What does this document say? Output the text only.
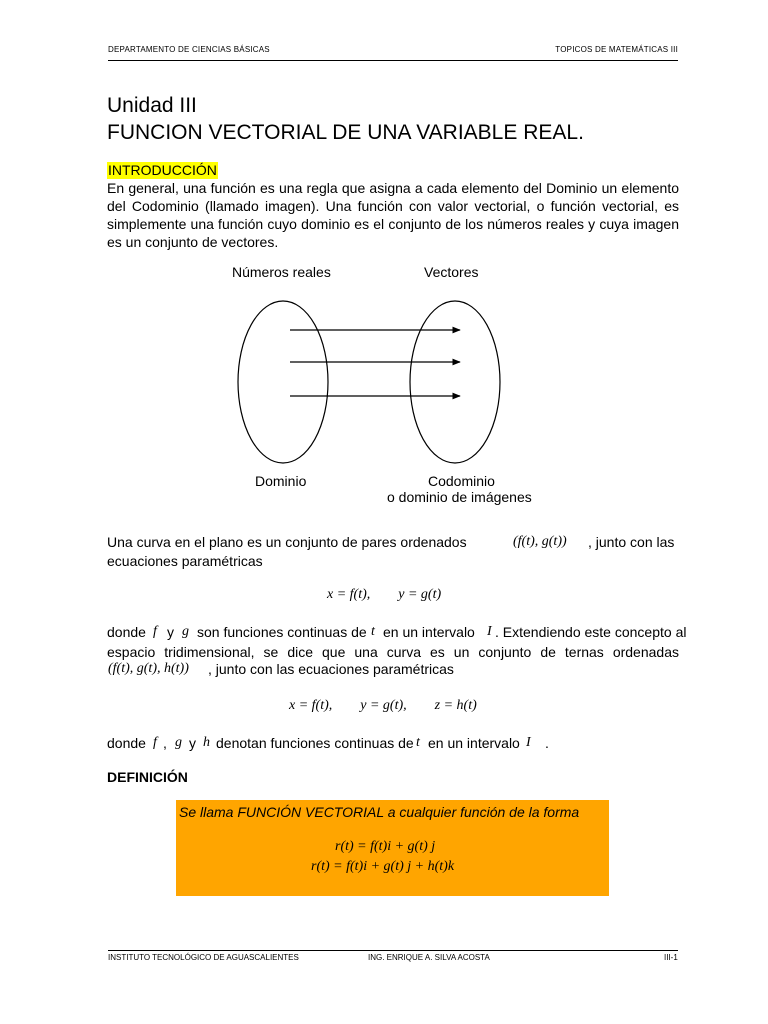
DEPARTAMENTO DE CIENCIAS BÁSICAS	TOPICOS DE MATEMÁTICAS III
Unidad III
FUNCION VECTORIAL DE UNA VARIABLE REAL.
INTRODUCCIÓN
En general, una función es una regla que asigna a cada elemento del Dominio un elemento del Codominio (llamado imagen). Una función con valor vectorial, o función vectorial, es simplemente una función cuyo dominio es el conjunto de los números reales y cuya imagen es un conjunto de vectores.
Números reales	Vectores
Dominio	Codominio
o dominio de imágenes
Una curva en el plano es un conjunto de pares ordenados	(f(t), g(t)) , junto con las
ecuaciones paramétricas
x = f(t),        y = g(t)
donde f y g son funciones continuas de t en un intervalo I . Extendiendo este concepto al
espacio tridimensional, se dice que una curva es un conjunto de ternas ordenadas
(f(t), g(t), h(t)) , junto con las ecuaciones paramétricas
x = f(t),        y = g(t),        z = h(t)
donde f , g y h denotan funciones continuas de t en un intervalo I .
DEFINICIÓN
Se llama FUNCIÓN VECTORIAL a cualquier función de la forma
r(t) = f(t)i + g(t) j
r(t) = f(t)i + g(t) j + h(t)k
INSTITUTO TECNOLÓGICO DE AGUASCALIENTES	ING. ENRIQUE A. SILVA ACOSTA	III-1
